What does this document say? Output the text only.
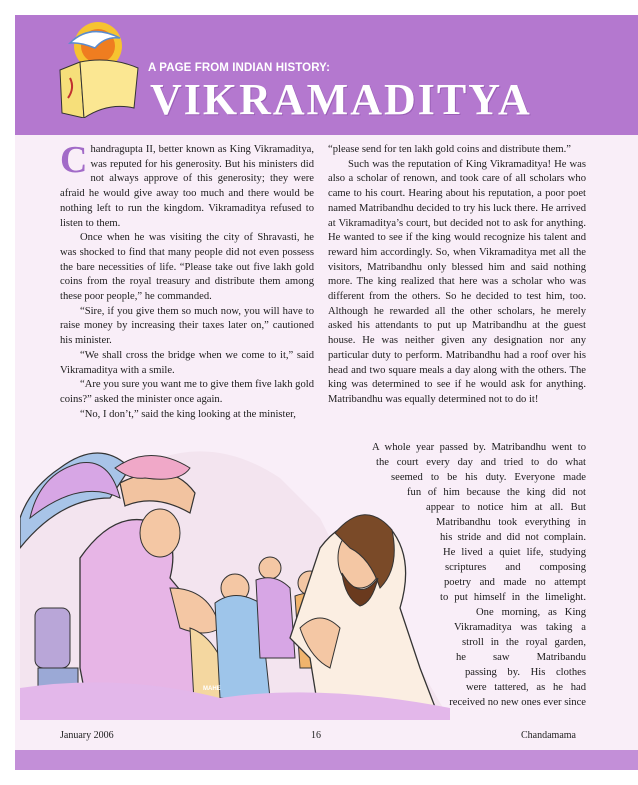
A PAGE FROM INDIAN HISTORY:
VIKRAMADITYA

Chandragupta II, better known as King Vikramaditya, was reputed for his generosity. But his ministers did not always approve of this generosity; they were afraid he would give away too much and there would be nothing left to run the kingdom. Vikramaditya refused to listen to them.

Once when he was visiting the city of Shravasti, he was shocked to find that many people did not even possess the bare necessities of life. “Please take out five lakh gold coins from the royal treasury and distribute them among these poor people,” he commanded.

“Sire, if you give them so much now, you will have to raise money by increasing their taxes later on,” cautioned his minister.

“We shall cross the bridge when we come to it,” said Vikramaditya with a smile.

“Are you sure you want me to give them five lakh gold coins?” asked the minister once again.

“No, I don’t,” said the king looking at the minister,

“please send for ten lakh gold coins and distribute them.”

Such was the reputation of King Vikramaditya! He was also a scholar of renown, and took care of all scholars who came to his court. Hearing about his reputation, a poor poet named Matribandhu decided to try his luck there. He arrived at Vikramaditya’s court, but decided not to ask for anything. He wanted to see if the king would recognize his talent and reward him accordingly. So, when Vikramaditya met all the visitors, Matribandhu only blessed him and said nothing more. The king realized that here was a scholar who was different from the others. So he decided to test him, too. Although he rewarded all the other scholars, he merely asked his attendants to put up Matribandhu at the guest house. He was neither given any designation nor any particular duty to perform. Matribandhu had a roof over his head and two square meals a day along with the others. The king was determined to see if he would ask for anything. Matribandhu was equally determined not to do it!

MAHE
A whole year passed by. Matribandhu went to
the court every day and tried to do what
seemed to be his duty. Everyone made
fun of him because the king did not
appear to notice him at all. But
Matribandhu took everything in
his stride and did not complain.
He lived a quiet life, studying
scriptures and composing
poetry and made no attempt
to put himself in the limelight.
One morning, as King
Vikramaditya was taking a
stroll in the royal garden,
he saw Matribandu
passing by. His clothes
were tattered, as he had
received no new ones ever since
January 2006	16	Chandamama
